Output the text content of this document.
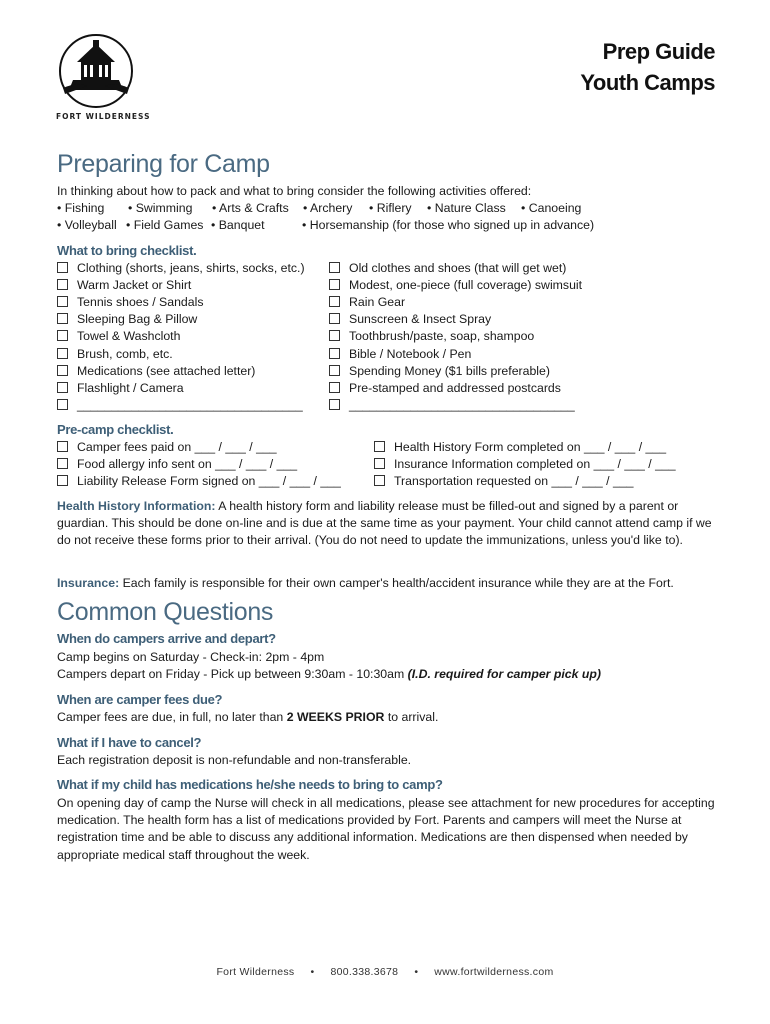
FORT WILDERNESS
Prep Guide
Youth Camps
Preparing for Camp
In thinking about how to pack and what to bring consider the following activities offered:
• Fishing • Swimming • Arts & Crafts • Archery • Riflery • Nature Class • Canoeing
• Volleyball • Field Games • Banquet	• Horsemanship (for those who signed up in advance)
What to bring checklist.
Clothing (shorts, jeans, shirts, socks, etc.)
Warm Jacket or Shirt
Tennis shoes / Sandals
Sleeping Bag & Pillow
Towel & Washcloth
Brush, comb, etc.
Medications (see attached letter)
Flashlight / Camera
_________________________________
Old clothes and shoes (that will get wet)
Modest, one-piece (full coverage) swimsuit
Rain Gear
Sunscreen & Insect Spray
Toothbrush/paste, soap, shampoo
Bible / Notebook / Pen
Spending Money ($1 bills preferable)
Pre-stamped and addressed postcards
_________________________________
Pre-camp checklist.
Camper fees paid on ___ / ___ / ___
Food allergy info sent on ___ / ___ / ___
Liability Release Form signed on ___ / ___ / ___
Health History Form completed on ___ / ___ / ___
Insurance Information completed on ___ / ___ / ___
Transportation requested on ___ / ___ / ___
Health History Information: A health history form and liability release must be filled-out and signed by a parent or guardian. This should be done on-line and is due at the same time as your payment. Your child cannot attend camp if we do not receive these forms prior to their arrival. (You do not need to update the immunizations, unless you'd like to).
Insurance: Each family is responsible for their own camper's health/accident insurance while they are at the Fort.
Common Questions
When do campers arrive and depart?
Camp begins on Saturday - Check-in: 2pm - 4pm
Campers depart on Friday - Pick up between 9:30am - 10:30am (I.D. required for camper pick up)
When are camper fees due?
Camper fees are due, in full, no later than 2 WEEKS PRIOR to arrival.
What if I have to cancel?
Each registration deposit is non-refundable and non-transferable.
What if my child has medications he/she needs to bring to camp?
On opening day of camp the Nurse will check in all medications, please see attachment for new procedures for accepting medication. The health form has a list of medications provided by Fort. Parents and campers will meet the Nurse at registration time and be able to discuss any additional information. Medications are then dispensed when needed by appropriate medical staff throughout the week.
Fort Wilderness • 800.338.3678 • www.fortwilderness.com
